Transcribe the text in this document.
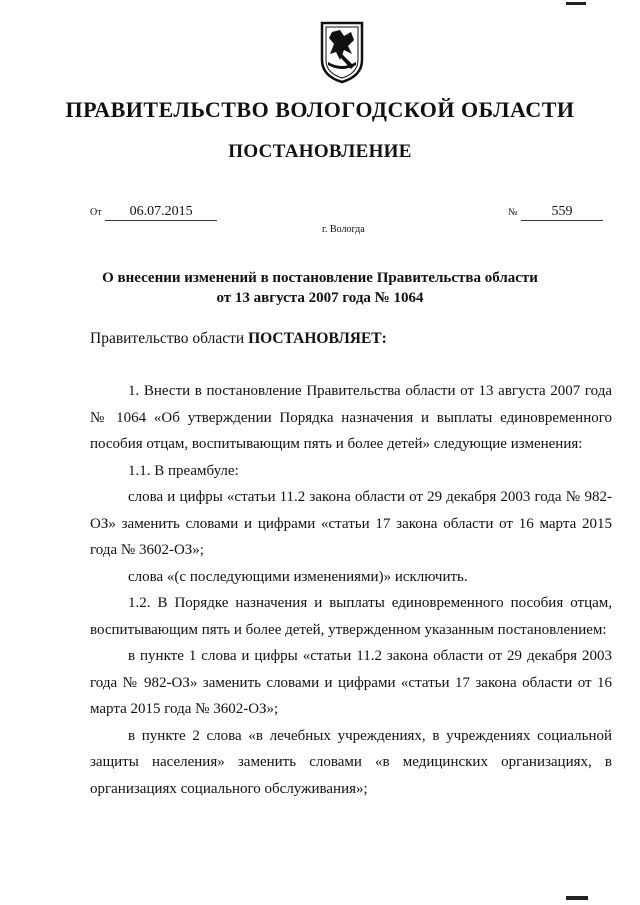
ПРАВИТЕЛЬСТВО ВОЛОГОДСКОЙ ОБЛАСТИ
ПОСТАНОВЛЕНИЕ
От 06.07.2015	№ 559
г. Вологда
О внесении изменений в постановление Правительства области
от 13 августа 2007 года № 1064
Правительство области ПОСТАНОВЛЯЕТ:

1. Внести в постановление Правительства области от 13 августа 2007 года № 1064 «Об утверждении Порядка назначения и выплаты единовременного пособия отцам, воспитывающим пять и более детей» следующие изменения:

1.1. В преамбуле:

слова и цифры «статьи 11.2 закона области от 29 декабря 2003 года № 982-ОЗ» заменить словами и цифрами «статьи 17 закона области от 16 марта 2015 года № 3602-ОЗ»;

слова «(с последующими изменениями)» исключить.

1.2. В Порядке назначения и выплаты единовременного пособия отцам, воспитывающим пять и более детей, утвержденном указанным постановлением:

в пункте 1 слова и цифры «статьи 11.2 закона области от 29 декабря 2003 года № 982-ОЗ» заменить словами и цифрами «статьи 17 закона области от 16 марта 2015 года № 3602-ОЗ»;

в пункте 2 слова «в лечебных учреждениях, в учреждениях социальной защиты населения» заменить словами «в медицинских организациях, в организациях социального обслуживания»;
